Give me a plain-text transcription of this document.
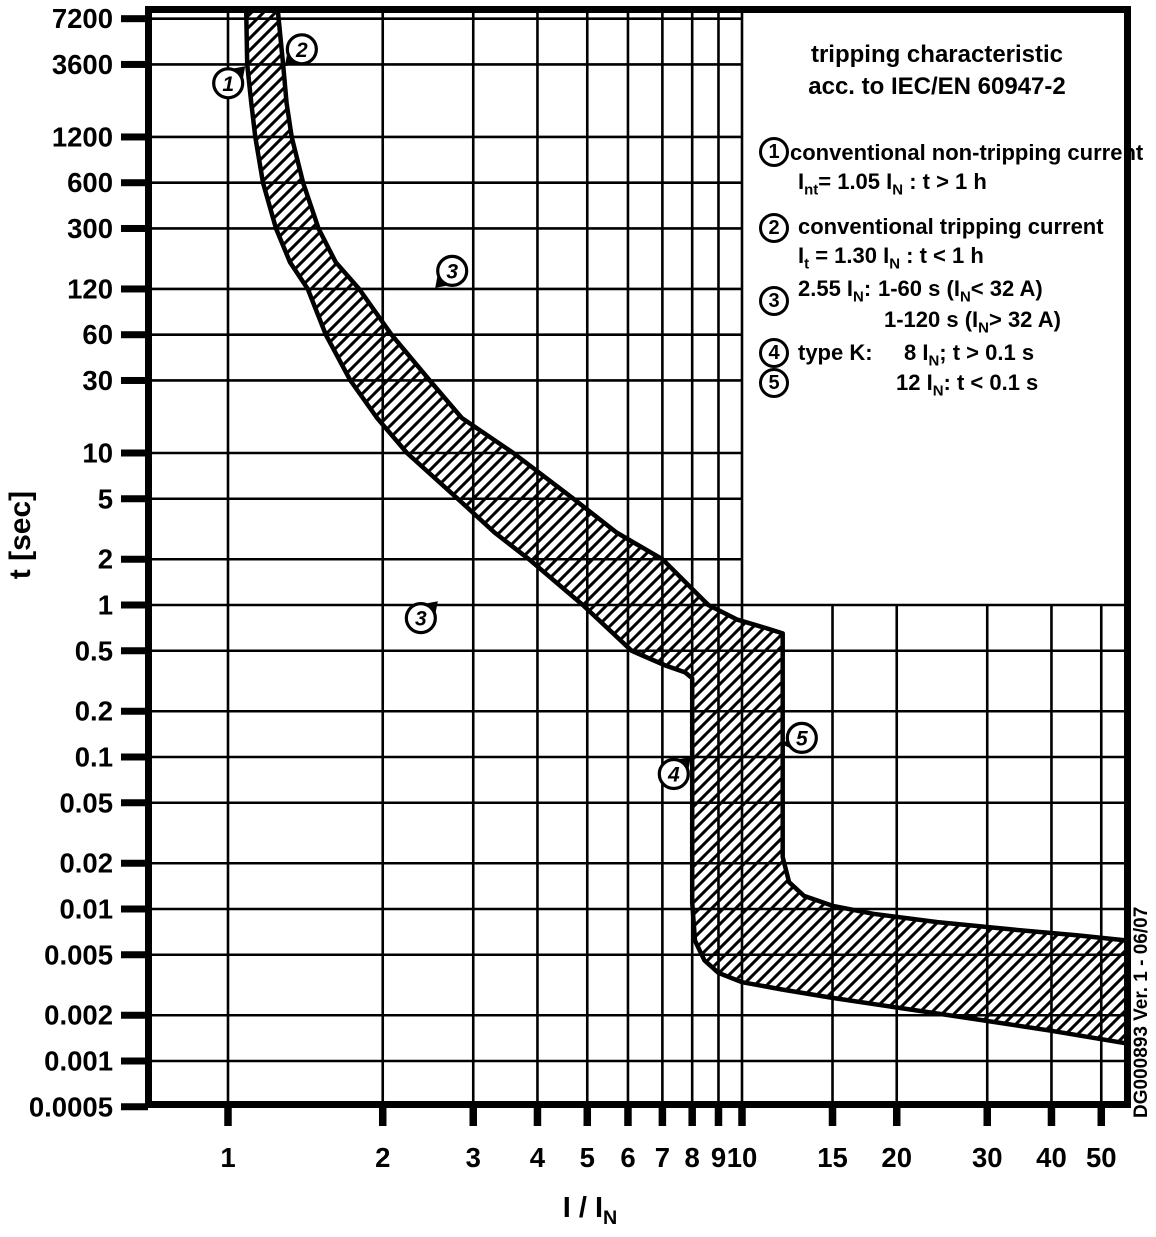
7200
3600
1200
600
300
120
60
30
10
5
2
1
0.5
0.2
0.1
0.05
0.02
0.01
0.005
0.002
0.001
0.0005
1	2	3 4 5 6 7 8 9 10 15 20 30 40 50
1
2
3
3
4
5
t [sec]
I / $I_N$
tripping characteristic
acc. to IEC/EN 60947-2
1 conventional non-tripping current
$I_{nt}= 1.05$ $I_N$ : t > 1 h
2 conventional tripping current
$I_t = 1.30$ $I_N$ : t < 1 h
3 2.55 $I_N$: 1-60 s ($I_N< 32$ A)
1-120 s ($I_N> 32$ A)
4 type K: 8 $I_N$; t > 0.1 s
5	12 $I_N$: t < 0.1 s
DG000893 Ver. 1 - 06/07
